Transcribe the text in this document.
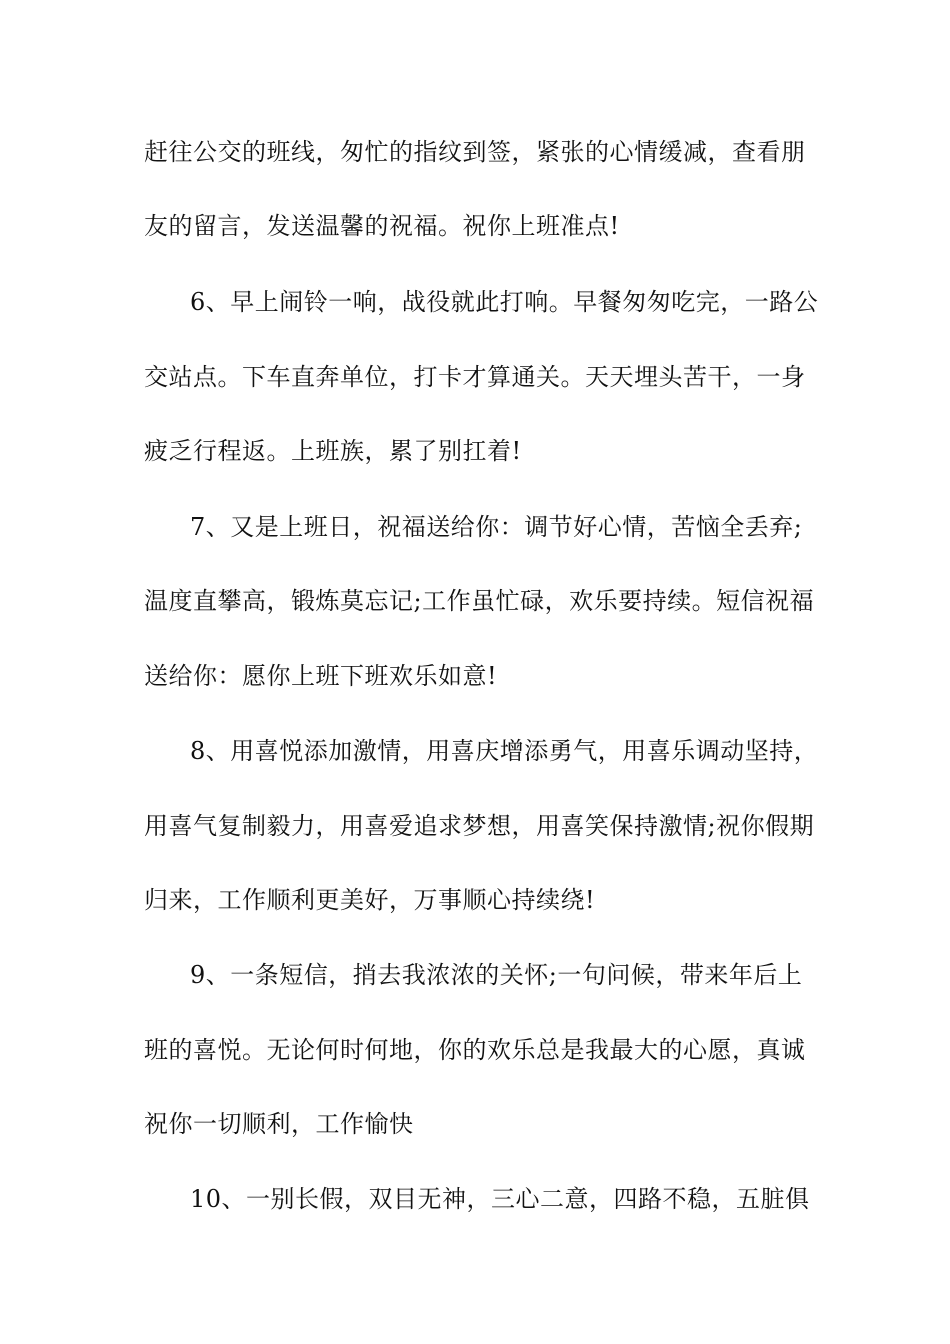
赶往公交的班线，匆忙的指纹到签，紧张的心情缓减，查看朋
友的留言，发送温馨的祝福。祝你上班准点!
6、早上闹铃一响，战役就此打响。早餐匆匆吃完，一路公
交站点。下车直奔单位，打卡才算通关。天天埋头苦干，一身
疲乏行程返。上班族，累了别扛着!
7、又是上班日，祝福送给你：调节好心情，苦恼全丢弃;
温度直攀高，锻炼莫忘记;工作虽忙碌，欢乐要持续。短信祝福
送给你：愿你上班下班欢乐如意!
8、用喜悦添加激情，用喜庆增添勇气，用喜乐调动坚持，
用喜气复制毅力，用喜爱追求梦想，用喜笑保持激情;祝你假期
归来，工作顺利更美好，万事顺心持续绕!
9、一条短信，捎去我浓浓的关怀;一句问候，带来年后上
班的喜悦。无论何时何地，你的欢乐总是我最大的心愿，真诚
祝你一切顺利，工作愉快
10、一别长假，双目无神，三心二意，四路不稳，五脏俱
